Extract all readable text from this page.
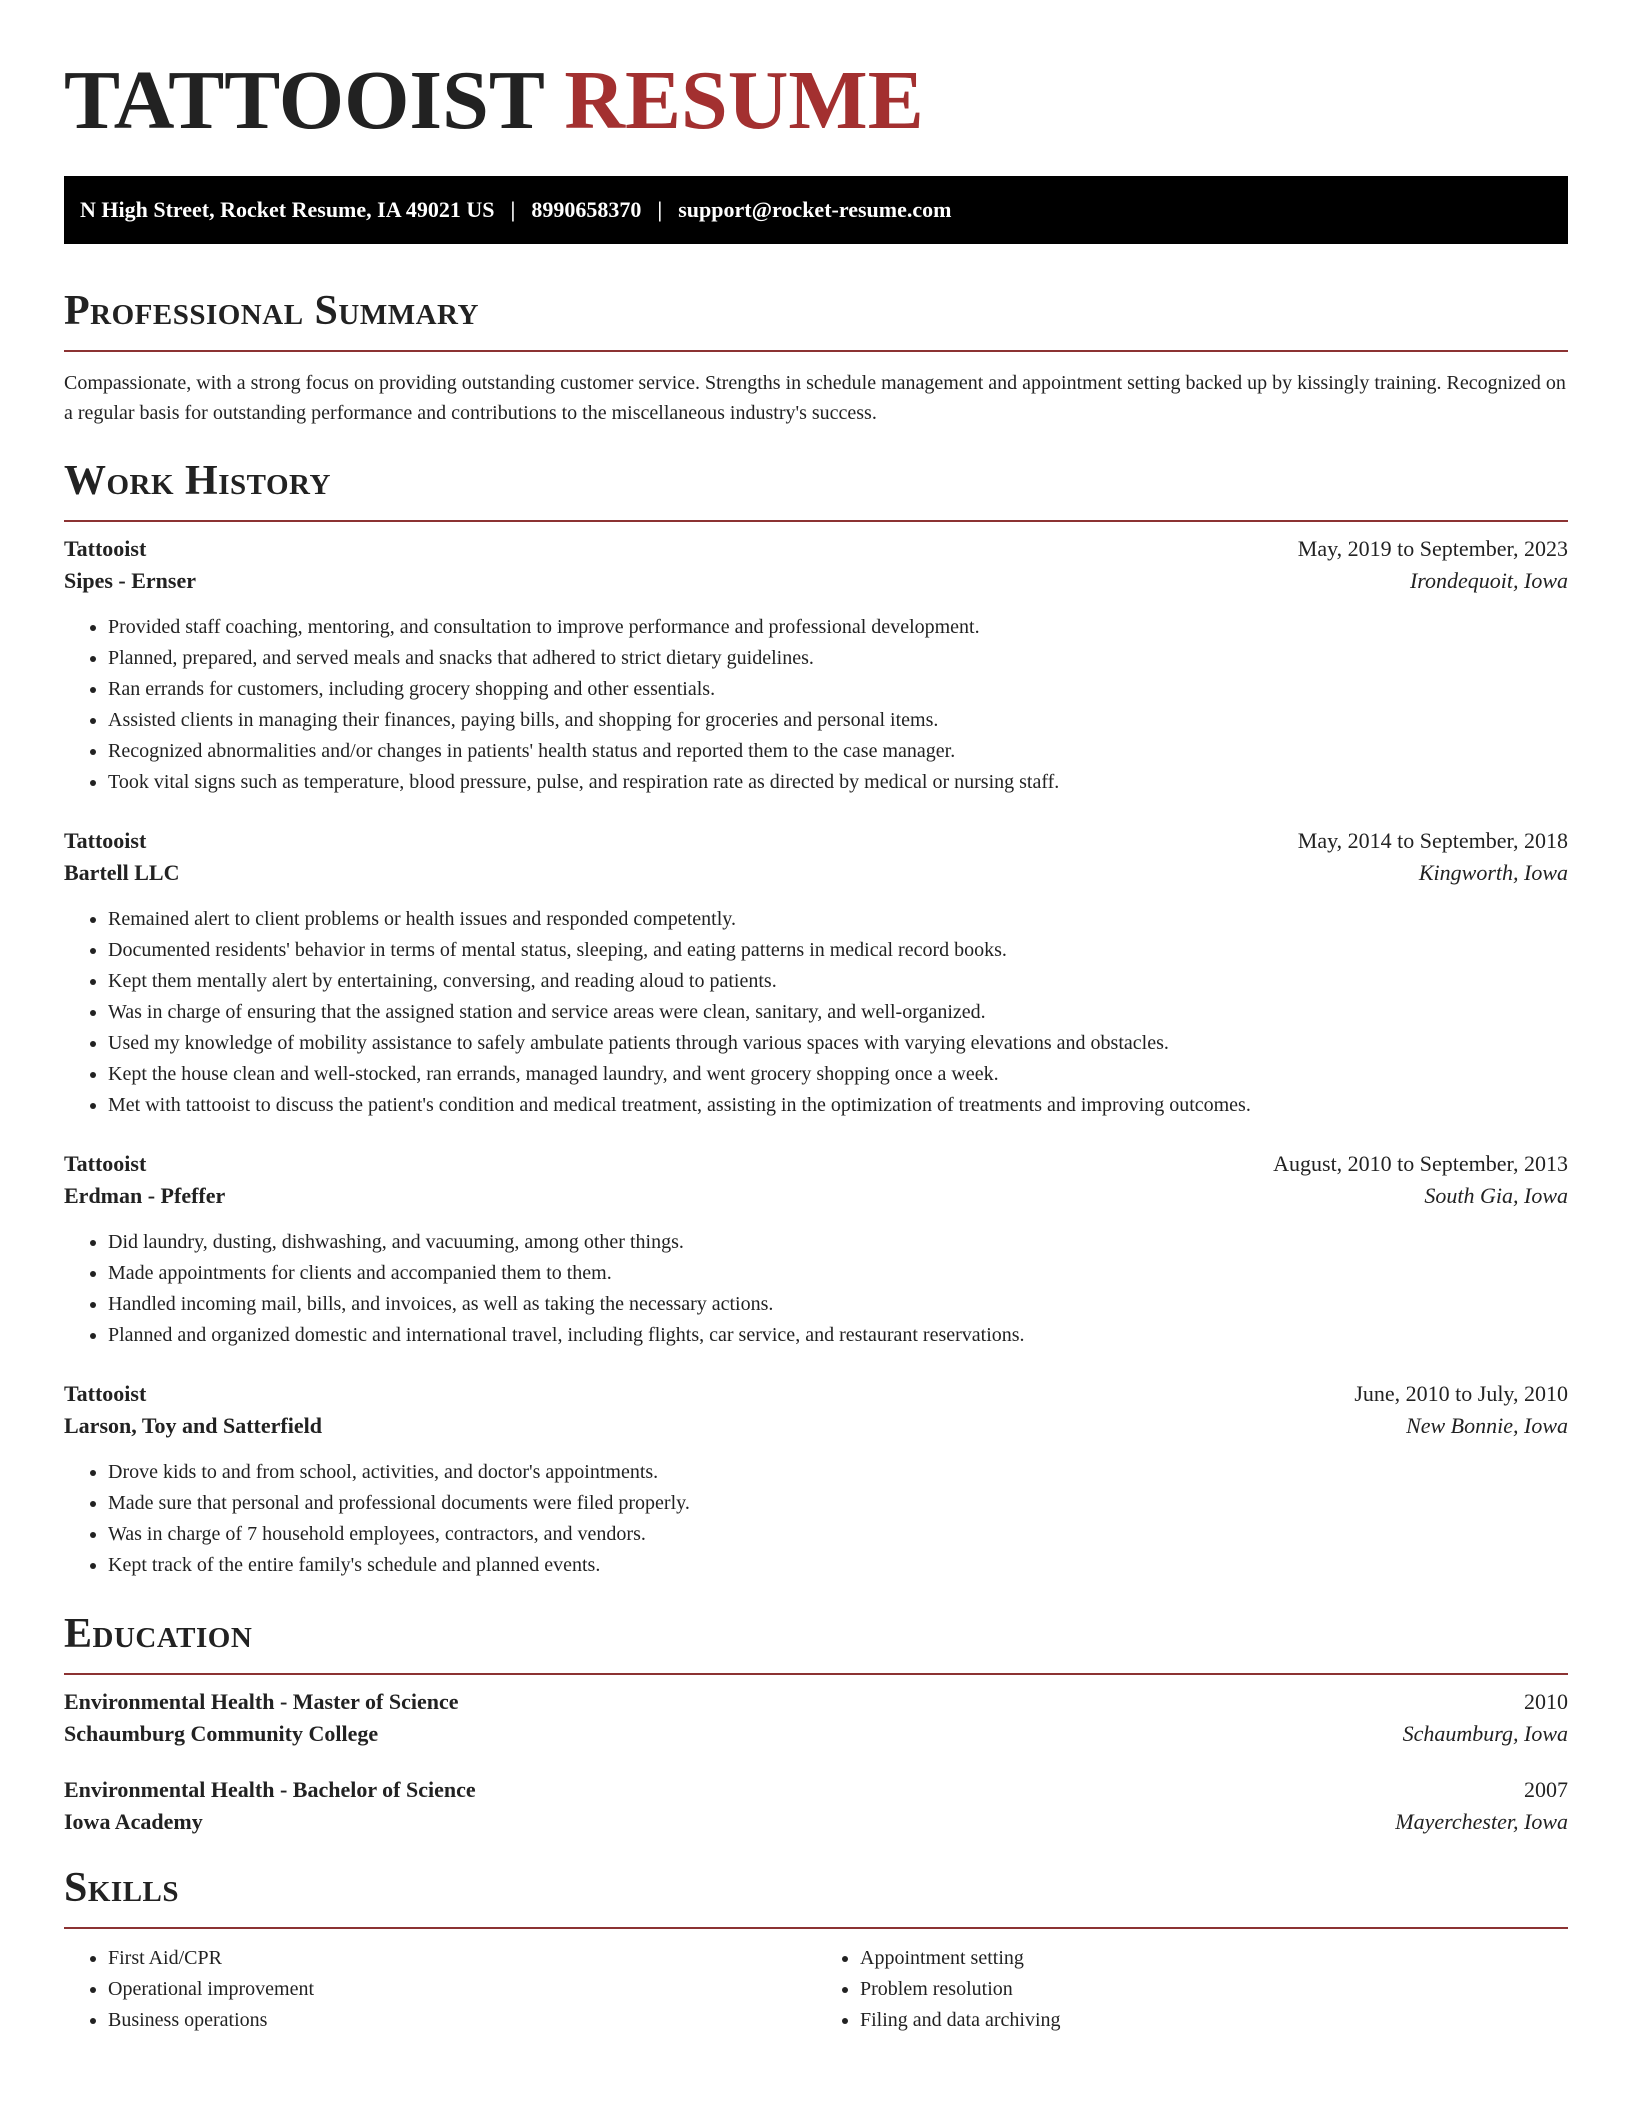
TATTOOIST RESUME
N High Street, Rocket Resume, IA 49021 US | 8990658370 | support@rocket-resume.com
Professional Summary
Compassionate, with a strong focus on providing outstanding customer service. Strengths in schedule management and appointment setting backed up by kissingly training. Recognized on a regular basis for outstanding performance and contributions to the miscellaneous industry's success.
Work History
Tattooist	May, 2019 to September, 2023
Sipes - Ernser	Irondequoit, Iowa
• Provided staff coaching, mentoring, and consultation to improve performance and professional development.
• Planned, prepared, and served meals and snacks that adhered to strict dietary guidelines.
• Ran errands for customers, including grocery shopping and other essentials.
• Assisted clients in managing their finances, paying bills, and shopping for groceries and personal items.
• Recognized abnormalities and/or changes in patients' health status and reported them to the case manager.
• Took vital signs such as temperature, blood pressure, pulse, and respiration rate as directed by medical or nursing staff.
Tattooist	May, 2014 to September, 2018
Bartell LLC	Kingworth, Iowa
• Remained alert to client problems or health issues and responded competently.
• Documented residents' behavior in terms of mental status, sleeping, and eating patterns in medical record books.
• Kept them mentally alert by entertaining, conversing, and reading aloud to patients.
• Was in charge of ensuring that the assigned station and service areas were clean, sanitary, and well-organized.
• Used my knowledge of mobility assistance to safely ambulate patients through various spaces with varying elevations and obstacles.
• Kept the house clean and well-stocked, ran errands, managed laundry, and went grocery shopping once a week.
• Met with tattooist to discuss the patient's condition and medical treatment, assisting in the optimization of treatments and improving outcomes.
Tattooist	August, 2010 to September, 2013
Erdman - Pfeffer	South Gia, Iowa
• Did laundry, dusting, dishwashing, and vacuuming, among other things.
• Made appointments for clients and accompanied them to them.
• Handled incoming mail, bills, and invoices, as well as taking the necessary actions.
• Planned and organized domestic and international travel, including flights, car service, and restaurant reservations.
Tattooist	June, 2010 to July, 2010
Larson, Toy and Satterfield	New Bonnie, Iowa
• Drove kids to and from school, activities, and doctor's appointments.
• Made sure that personal and professional documents were filed properly.
• Was in charge of 7 household employees, contractors, and vendors.
• Kept track of the entire family's schedule and planned events.
Education
Environmental Health - Master of Science	2010
Schaumburg Community College	Schaumburg, Iowa
Environmental Health - Bachelor of Science	2007
Iowa Academy	Mayerchester, Iowa
Skills
• First Aid/CPR
• Operational improvement
• Business operations
• Appointment setting
• Problem resolution
• Filing and data archiving
